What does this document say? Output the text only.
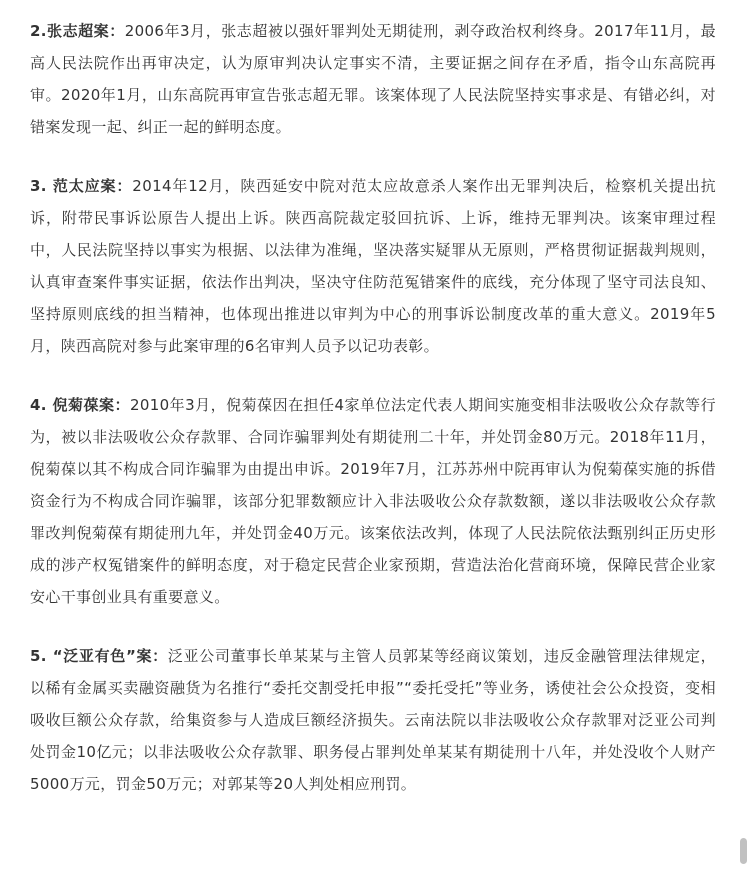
2.张志超案：2006年3月，张志超被以强奸罪判处无期徒刑，剥夺政治权利终身。2017年11月，最高人民法院作出再审决定，认为原审判决认定事实不清，主要证据之间存在矛盾，指令山东高院再审。2020年1月，山东高院再审宣告张志超无罪。该案体现了人民法院坚持实事求是、有错必纠，对错案发现一起、纠正一起的鲜明态度。

3. 范太应案：2014年12月，陕西延安中院对范太应故意杀人案作出无罪判决后，检察机关提出抗诉，附带民事诉讼原告人提出上诉。陕西高院裁定驳回抗诉、上诉，维持无罪判决。该案审理过程中，人民法院坚持以事实为根据、以法律为准绳，坚决落实疑罪从无原则，严格贯彻证据裁判规则，认真审查案件事实证据，依法作出判决，坚决守住防范冤错案件的底线，充分体现了坚守司法良知、坚持原则底线的担当精神，也体现出推进以审判为中心的刑事诉讼制度改革的重大意义。2019年5月，陕西高院对参与此案审理的6名审判人员予以记功表彰。

4. 倪菊葆案：2010年3月，倪菊葆因在担任4家单位法定代表人期间实施变相非法吸收公众存款等行为，被以非法吸收公众存款罪、合同诈骗罪判处有期徒刑二十年，并处罚金80万元。2018年11月，倪菊葆以其不构成合同诈骗罪为由提出申诉。2019年7月，江苏苏州中院再审认为倪菊葆实施的拆借资金行为不构成合同诈骗罪，该部分犯罪数额应计入非法吸收公众存款数额，遂以非法吸收公众存款罪改判倪菊葆有期徒刑九年，并处罚金40万元。该案依法改判，体现了人民法院依法甄别纠正历史形成的涉产权冤错案件的鲜明态度，对于稳定民营企业家预期，营造法治化营商环境，保障民营企业家安心干事创业具有重要意义。

5. “泛亚有色”案：泛亚公司董事长单某某与主管人员郭某等经商议策划，违反金融管理法律规定，以稀有金属买卖融资融货为名推行“委托交割受托申报”“委托受托”等业务，诱使社会公众投资，变相吸收巨额公众存款，给集资参与人造成巨额经济损失。云南法院以非法吸收公众存款罪对泛亚公司判处罚金10亿元；以非法吸收公众存款罪、职务侵占罪判处单某某有期徒刑十八年，并处没收个人财产5000万元，罚金50万元；对郭某等20人判处相应刑罚。
